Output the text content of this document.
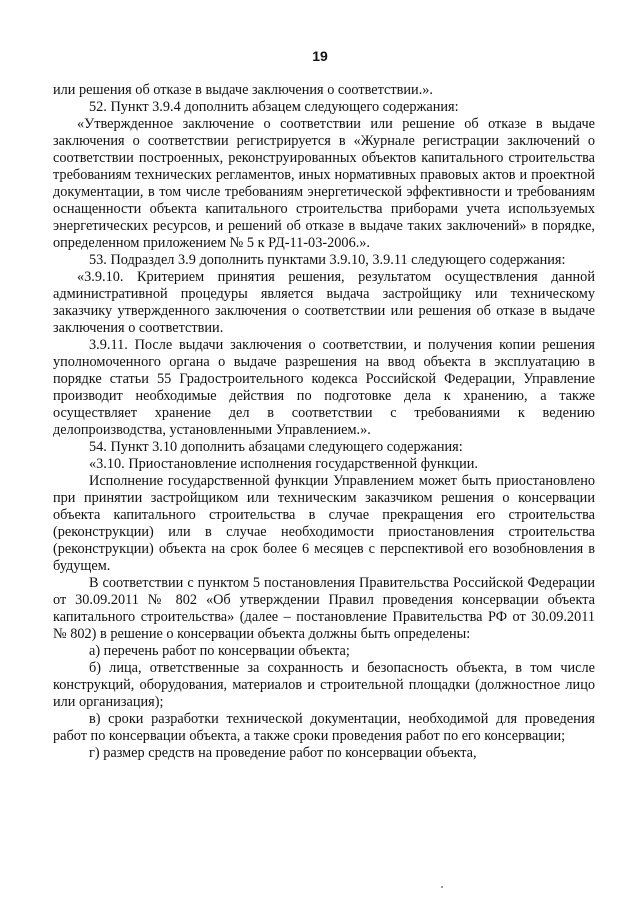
19

или решения об отказе в выдаче заключения о соответствии.».

52. Пункт 3.9.4 дополнить абзацем следующего содержания:

«Утвержденное заключение о соответствии или решение об отказе в выдаче заключения о соответствии регистрируется в «Журнале регистрации заключений о соответствии построенных, реконструированных объектов капитального строительства требованиям технических регламентов, иных нормативных правовых актов и проектной документации, в том числе требованиям энергетической эффективности и требованиям оснащенности объекта капитального строительства приборами учета используемых энергетических ресурсов, и решений об отказе в выдаче таких заключений» в порядке, определенном приложением № 5 к РД-11-03-2006.».

53. Подраздел 3.9 дополнить пунктами 3.9.10, 3.9.11 следующего содержания:

«3.9.10. Критерием принятия решения, результатом осуществления данной административной процедуры является выдача застройщику или техническому заказчику утвержденного заключения о соответствии или решения об отказе в выдаче заключения о соответствии.

3.9.11. После выдачи заключения о соответствии, и получения копии решения уполномоченного органа о выдаче разрешения на ввод объекта в эксплуатацию в порядке статьи 55 Градостроительного кодекса Российской Федерации, Управление производит необходимые действия по подготовке дела к хранению, а также осуществляет хранение дел в соответствии с требованиями к ведению делопроизводства, установленными Управлением.».

54. Пункт 3.10 дополнить абзацами следующего содержания:

«3.10. Приостановление исполнения государственной функции.

Исполнение государственной функции Управлением может быть приостановлено при принятии застройщиком или техническим заказчиком решения о консервации объекта капитального строительства в случае прекращения его строительства (реконструкции) или в случае необходимости приостановления строительства (реконструкции) объекта на срок более 6 месяцев с перспективой его возобновления в будущем.

В соответствии с пунктом 5 постановления Правительства Российской Федерации от 30.09.2011 № 802 «Об утверждении Правил проведения консервации объекта капитального строительства» (далее – постановление Правительства РФ от 30.09.2011 № 802) в решение о консервации объекта должны быть определены:

а) перечень работ по консервации объекта;

б) лица, ответственные за сохранность и безопасность объекта, в том числе конструкций, оборудования, материалов и строительной площадки (должностное лицо или организация);

в) сроки разработки технической документации, необходимой для проведения работ по консервации объекта, а также сроки проведения работ по его консервации;

г) размер средств на проведение работ по консервации объекта,
